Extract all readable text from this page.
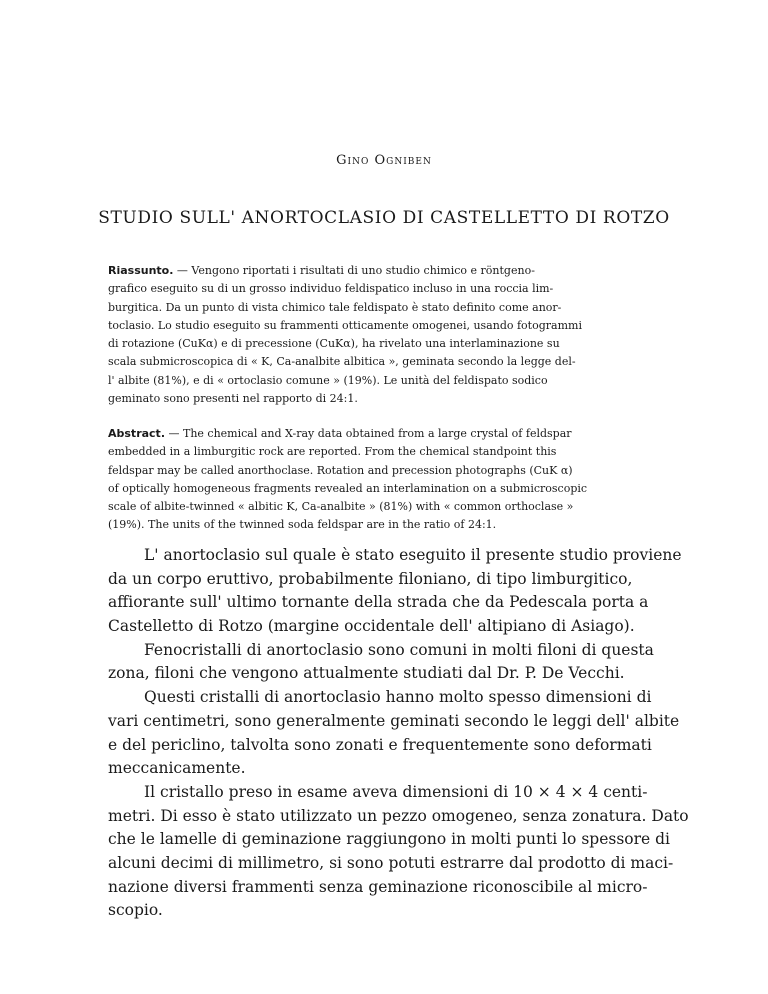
Gino Ogniben
STUDIO SULL' ANORTOCLASIO DI CASTELLETTO DI ROTZO
Riassunto. — Vengono riportati i risultati di uno studio chimico e röntgeno-
grafico eseguito su di un grosso individuo feldispatico incluso in una roccia lim-
burgitica. Da un punto di vista chimico tale feldispato è stato definito come anor-
toclasio. Lo studio eseguito su frammenti otticamente omogenei, usando fotogrammi
di rotazione (CuKα) e di precessione (CuKα), ha rivelato una interlaminazione su
scala submicroscopica di « K, Ca-analbite albitica », geminata secondo la legge del-
l' albite (81%), e di « ortoclasio comune » (19%). Le unità del feldispato sodico
geminato sono presenti nel rapporto di 24:1.
Abstract. — The chemical and X-ray data obtained from a large crystal of feldspar
embedded in a limburgitic rock are reported. From the chemical standpoint this
feldspar may be called anorthoclase. Rotation and precession photographs (CuK α)
of optically homogeneous fragments revealed an interlamination on a submicroscopic
scale of albite-twinned « albitic K, Ca-analbite » (81%) with « common orthoclase »
(19%). The units of the twinned soda feldspar are in the ratio of 24:1.
L' anortoclasio sul quale è stato eseguito il presente studio proviene
da un corpo eruttivo, probabilmente filoniano, di tipo limburgitico,
affiorante sull' ultimo tornante della strada che da Pedescala porta a
Castelletto di Rotzo (margine occidentale dell' altipiano di Asiago).
Fenocristalli di anortoclasio sono comuni in molti filoni di questa
zona, filoni che vengono attualmente studiati dal Dr. P. De Vecchi.
Questi cristalli di anortoclasio hanno molto spesso dimensioni di
vari centimetri, sono generalmente geminati secondo le leggi dell' albite
e del periclino, talvolta sono zonati e frequentemente sono deformati
meccanicamente.
Il cristallo preso in esame aveva dimensioni di 10 × 4 × 4 centi-
metri. Di esso è stato utilizzato un pezzo omogeneo, senza zonatura. Dato
che le lamelle di geminazione raggiungono in molti punti lo spessore di
alcuni decimi di millimetro, si sono potuti estrarre dal prodotto di maci-
nazione diversi frammenti senza geminazione riconoscibile al micro-
scopio.
